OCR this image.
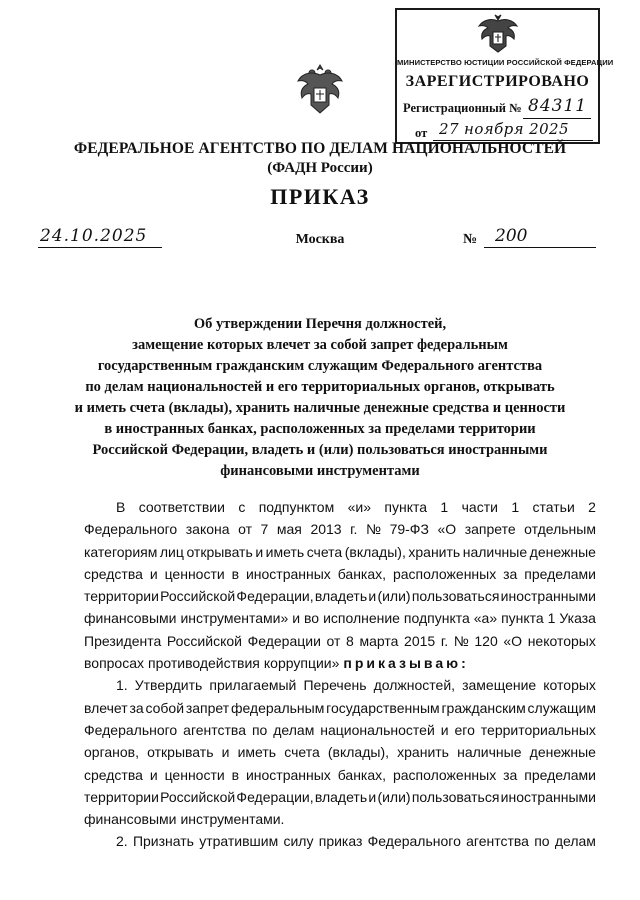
МИНИСТЕРСТВО ЮСТИЦИИ РОССИЙСКОЙ ФЕДЕРАЦИИ
ЗАРЕГИСТРИРОВАНО
Регистрационный № 84311
от 27 ноября 2025
ФЕДЕРАЛЬНОЕ АГЕНТСТВО ПО ДЕЛАМ НАЦИОНАЛЬНОСТЕЙ
(ФАДН России)
ПРИКАЗ
24.10.2025	Москва	№ 200
Об утверждении Перечня должностей,
замещение которых влечет за собой запрет федеральным
государственным гражданским служащим Федерального агентства
по делам национальностей и его территориальных органов, открывать
и иметь счета (вклады), хранить наличные денежные средства и ценности
в иностранных банках, расположенных за пределами территории
Российской Федерации, владеть и (или) пользоваться иностранными
финансовыми инструментами
В соответствии с подпунктом «и» пункта 1 части 1 статьи 2
Федерального закона от 7 мая 2013 г. № 79-ФЗ «О запрете отдельным
категориям лиц открывать и иметь счета (вклады), хранить наличные денежные
средства и ценности в иностранных банках, расположенных за пределами
территории Российской Федерации, владеть и (или) пользоваться иностранными
финансовыми инструментами» и во исполнение подпункта «а» пункта 1 Указа
Президента Российской Федерации от 8 марта 2015 г. № 120 «О некоторых
вопросах противодействия коррупции» приказываю:
1. Утвердить прилагаемый Перечень должностей, замещение которых
влечет за собой запрет федеральным государственным гражданским служащим
Федерального агентства по делам национальностей и его территориальных
органов, открывать и иметь счета (вклады), хранить наличные денежные
средства и ценности в иностранных банках, расположенных за пределами
территории Российской Федерации, владеть и (или) пользоваться иностранными
финансовыми инструментами.
2. Признать утратившим силу приказ Федерального агентства по делам
